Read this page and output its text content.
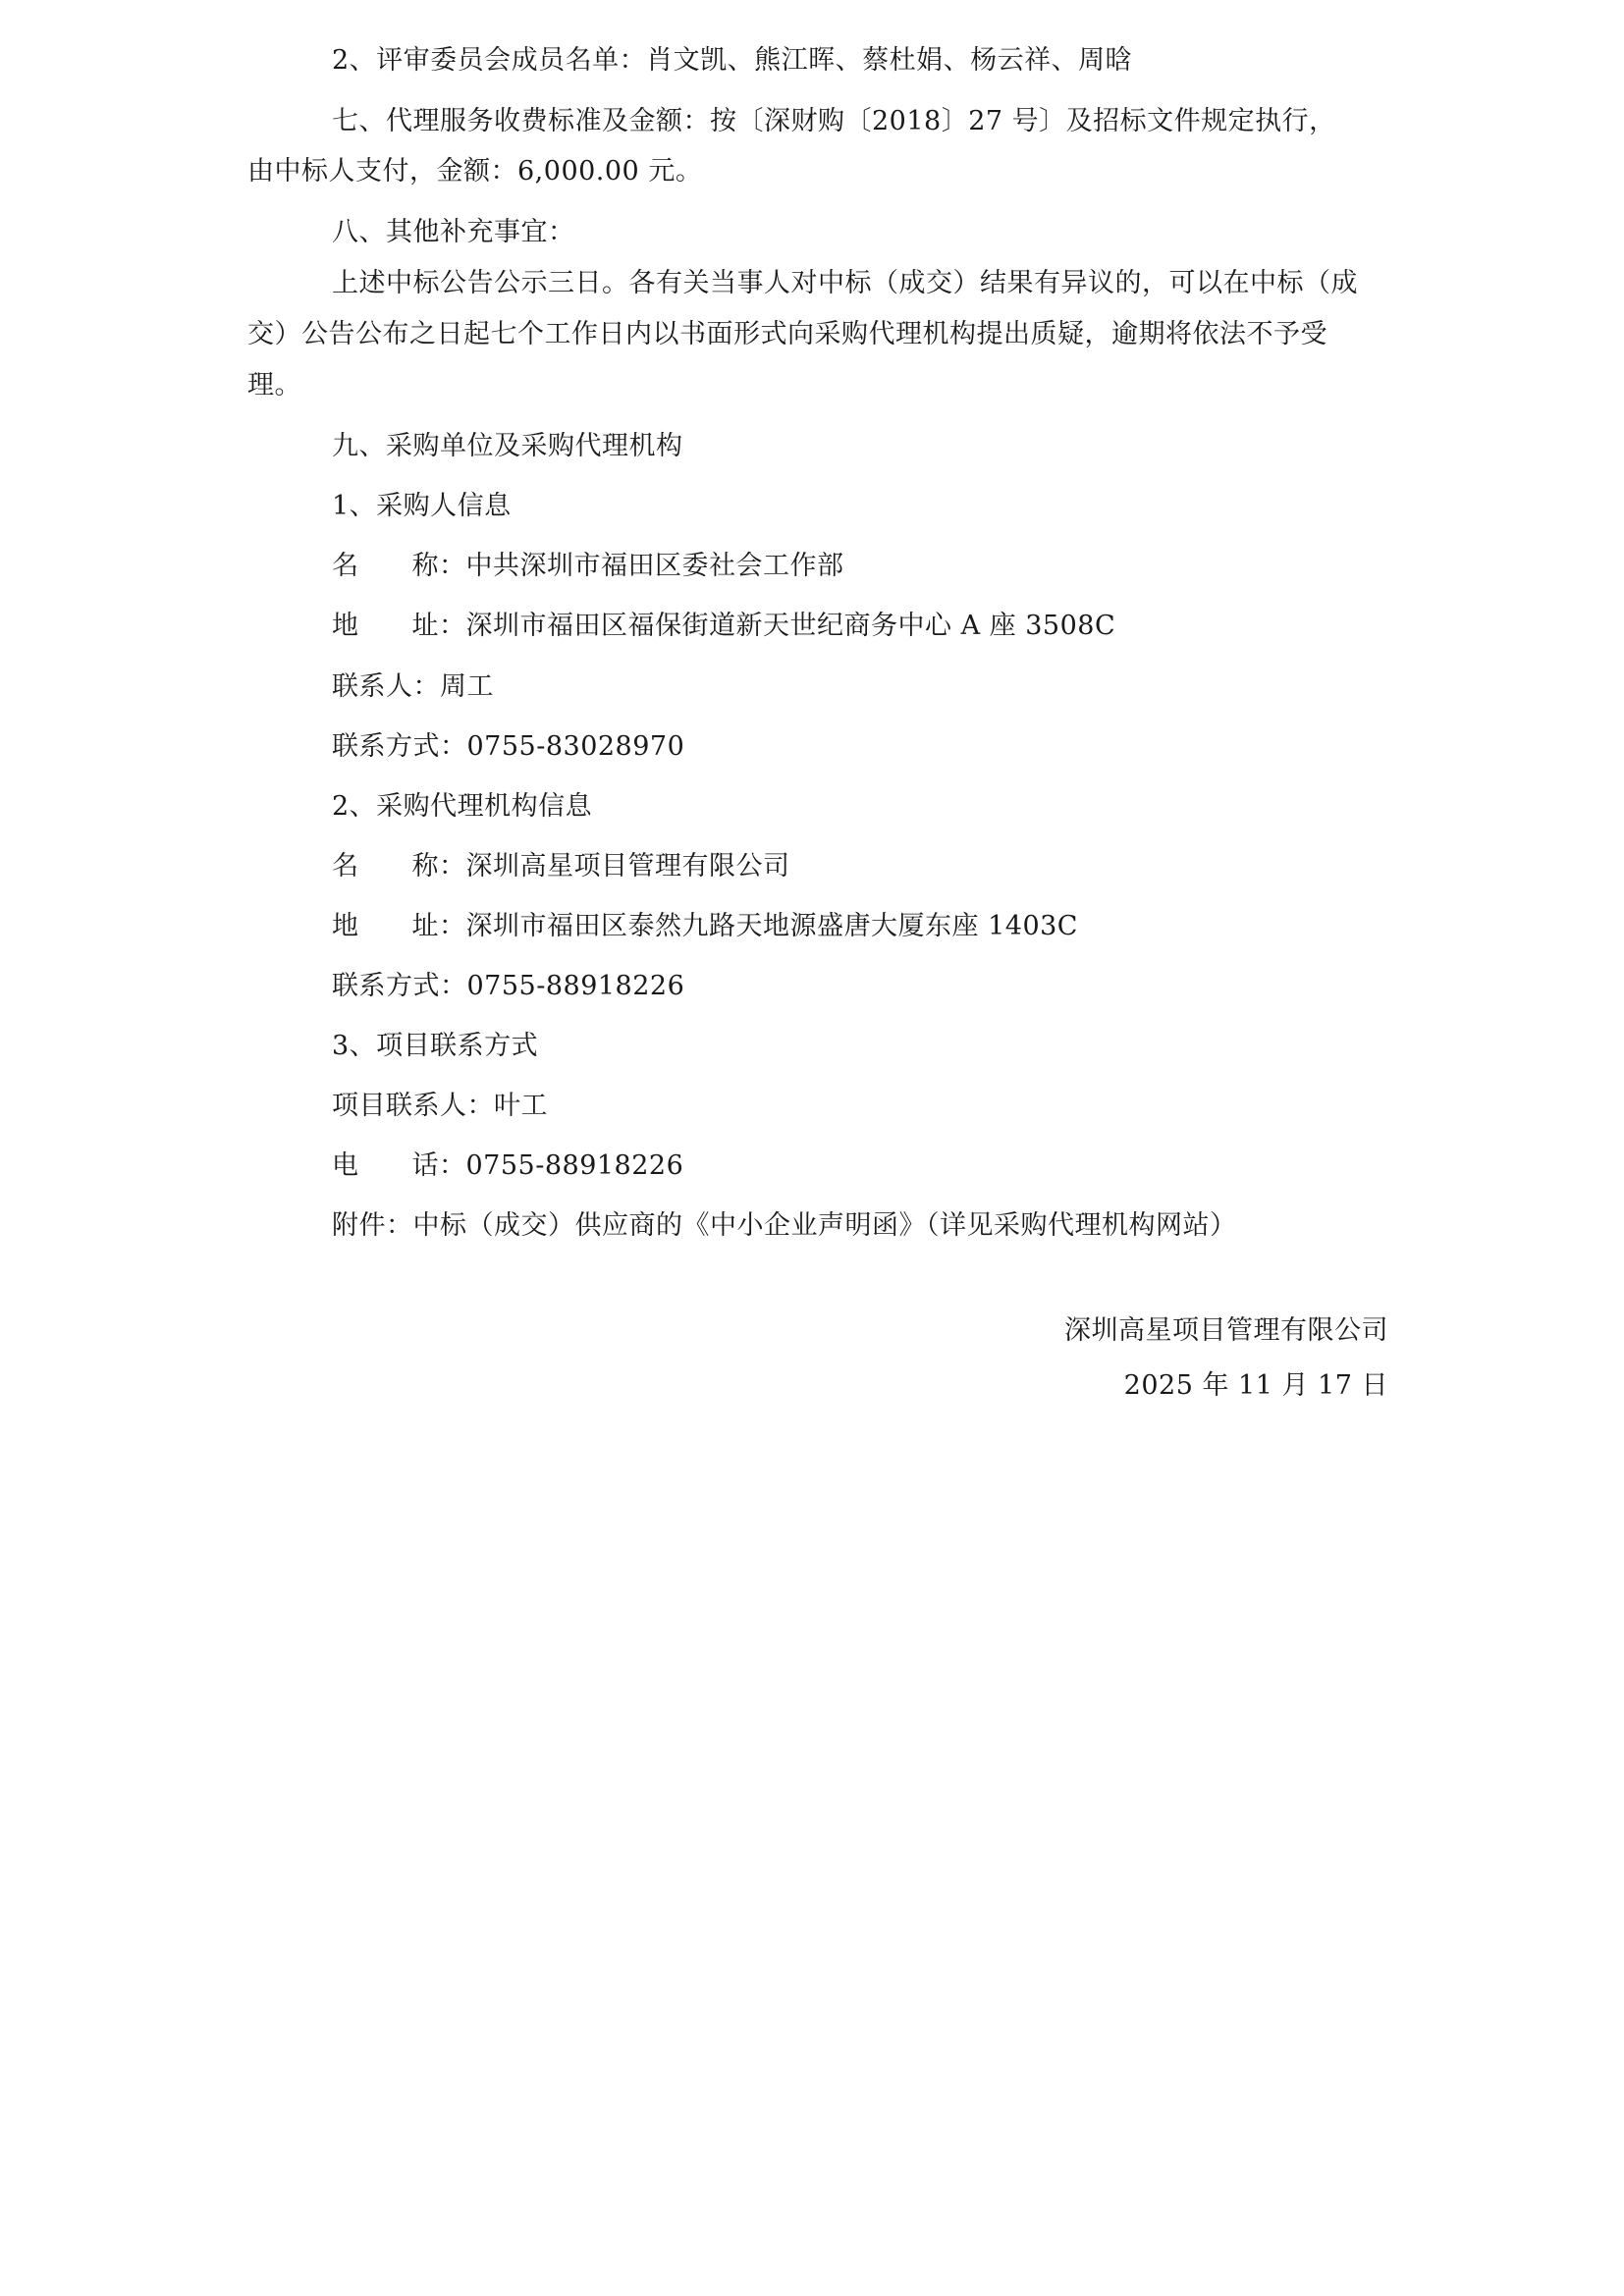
2、评审委员会成员名单：肖文凯、熊江晖、蔡杜娟、杨云祥、周晗
七、代理服务收费标准及金额：按〔深财购〔2018〕27 号〕及招标文件规定执行，
由中标人支付，金额：6,000.00 元。
八、其他补充事宜：
上述中标公告公示三日。各有关当事人对中标（成交）结果有异议的，可以在中标（成
交）公告公布之日起七个工作日内以书面形式向采购代理机构提出质疑，逾期将依法不予受
理。
九、采购单位及采购代理机构
1、采购人信息
名 称：中共深圳市福田区委社会工作部
地 址：深圳市福田区福保街道新天世纪商务中心 A 座 3508C
联系人：周工
联系方式：0755-83028970
2、采购代理机构信息
名 称：深圳高星项目管理有限公司
地 址：深圳市福田区泰然九路天地源盛唐大厦东座 1403C
联系方式：0755-88918226
3、项目联系方式
项目联系人：叶工
电 话：0755-88918226
附件：中标（成交）供应商的《中小企业声明函》（详见采购代理机构网站）
深圳高星项目管理有限公司
2025 年 11 月 17 日
